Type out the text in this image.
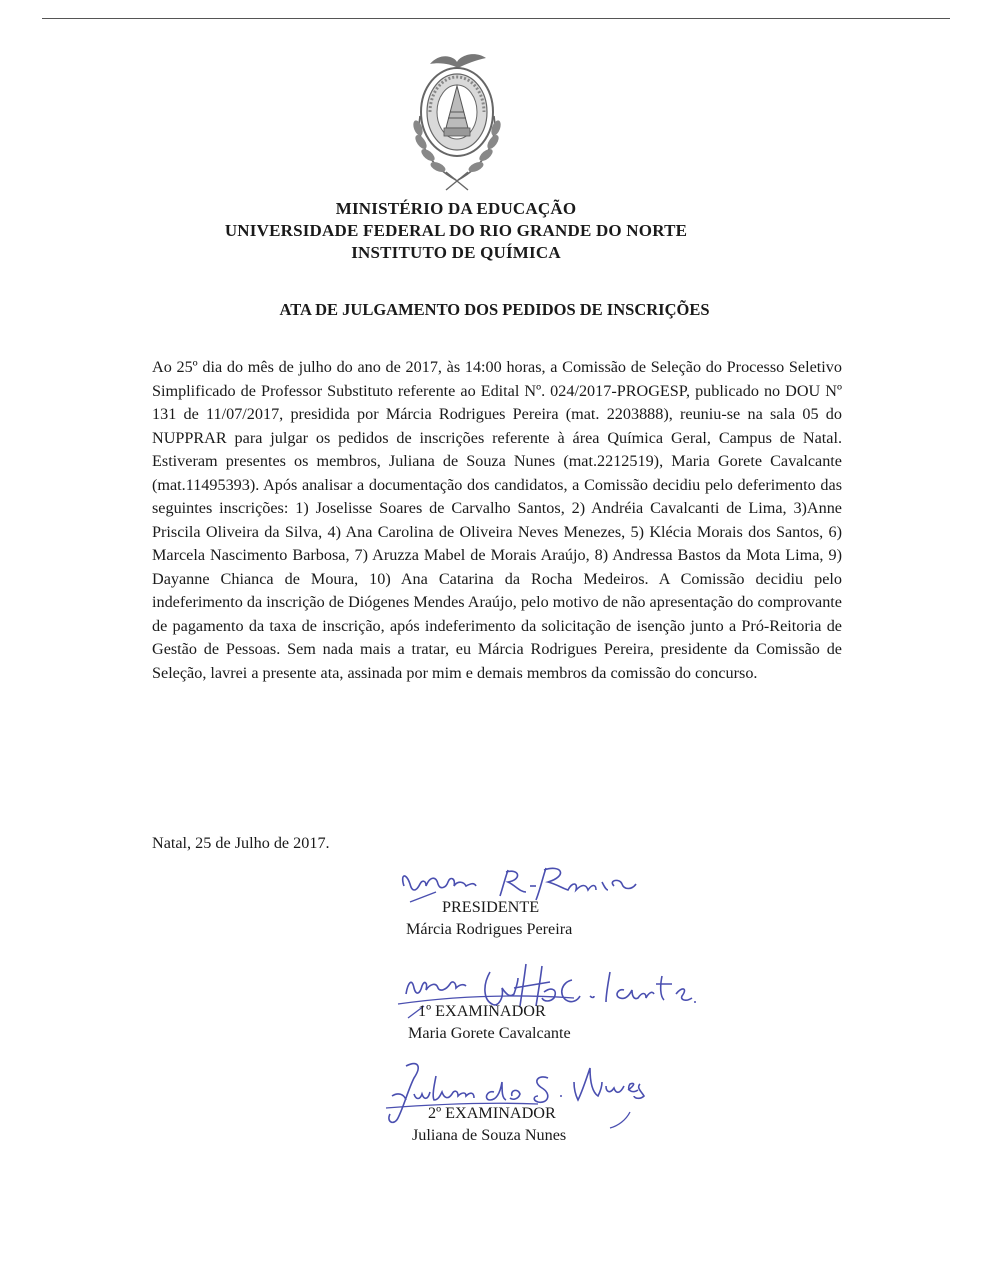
MINISTÉRIO DA EDUCAÇÃO
UNIVERSIDADE FEDERAL DO RIO GRANDE DO NORTE
INSTITUTO DE QUÍMICA
ATA DE JULGAMENTO DOS PEDIDOS DE INSCRIÇÕES
Ao 25º dia do mês de julho do ano de 2017, às 14:00 horas, a Comissão de Seleção do Processo Seletivo Simplificado de Professor Substituto referente ao Edital Nº. 024/2017-PROGESP, publicado no DOU Nº 131 de 11/07/2017, presidida por Márcia Rodrigues Pereira (mat. 2203888), reuniu-se na sala 05 do NUPPRAR para julgar os pedidos de inscrições referente à área Química Geral, Campus de Natal. Estiveram presentes os membros, Juliana de Souza Nunes (mat.2212519), Maria Gorete Cavalcante (mat.11495393). Após analisar a documentação dos candidatos, a Comissão decidiu pelo deferimento das seguintes inscrições: 1) Joselisse Soares de Carvalho Santos, 2) Andréia Cavalcanti de Lima, 3)Anne Priscila Oliveira da Silva, 4) Ana Carolina de Oliveira Neves Menezes, 5) Klécia Morais dos Santos, 6) Marcela Nascimento Barbosa, 7) Aruzza Mabel de Morais Araújo, 8) Andressa Bastos da Mota Lima, 9) Dayanne Chianca de Moura, 10) Ana Catarina da Rocha Medeiros. A Comissão decidiu pelo indeferimento da inscrição de Diógenes Mendes Araújo, pelo motivo de não apresentação do comprovante de pagamento da taxa de inscrição, após indeferimento da solicitação de isenção junto a Pró-Reitoria de Gestão de Pessoas. Sem nada mais a tratar, eu Márcia Rodrigues Pereira, presidente da Comissão de Seleção, lavrei a presente ata, assinada por mim e demais membros da comissão do concurso.
Natal, 25 de Julho de 2017.
PRESIDENTE
Márcia Rodrigues Pereira
1º EXAMINADOR
Maria Gorete Cavalcante
2º EXAMINADOR
Juliana de Souza Nunes
